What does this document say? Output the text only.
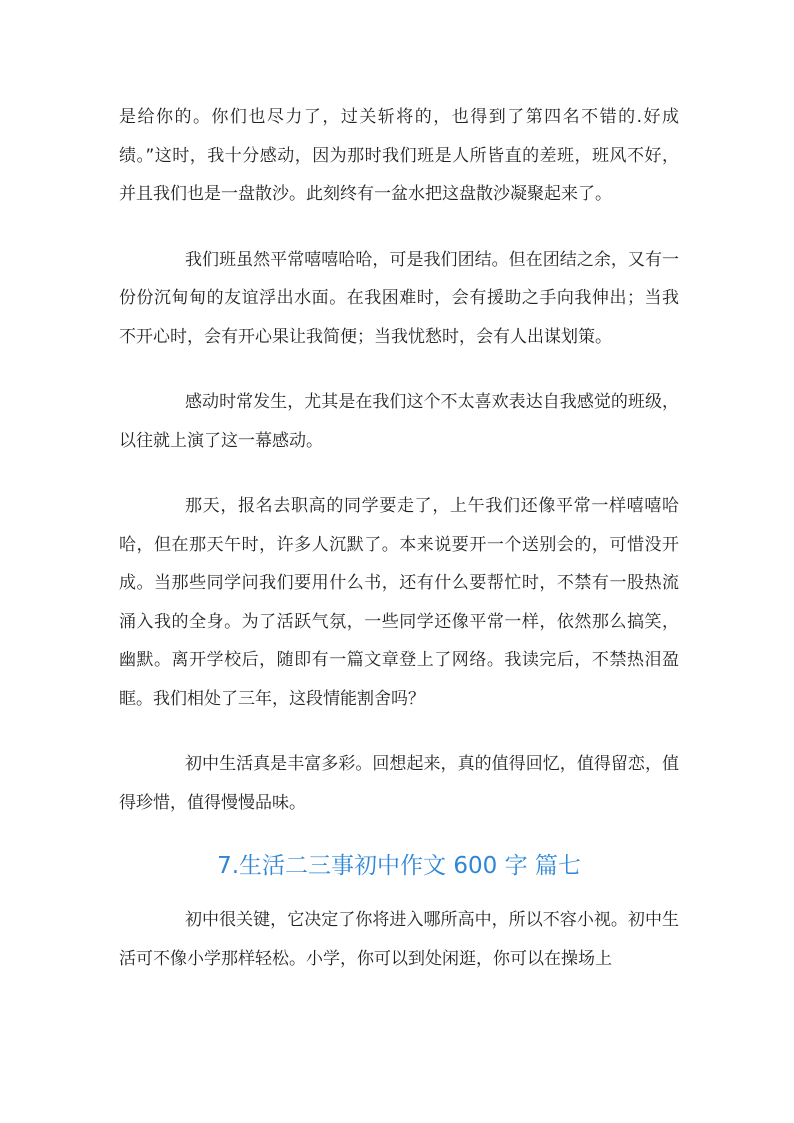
是给你的。你们也尽力了，过关斩将的，也得到了第四名不错的.好成绩。”这时，我十分感动，因为那时我们班是人所皆直的差班，班风不好，并且我们也是一盘散沙。此刻终有一盆水把这盘散沙凝聚起来了。

我们班虽然平常嘻嘻哈哈，可是我们团结。但在团结之余，又有一份份沉甸甸的友谊浮出水面。在我困难时，会有援助之手向我伸出；当我不开心时，会有开心果让我简便；当我忧愁时，会有人出谋划策。

感动时常发生，尤其是在我们这个不太喜欢表达自我感觉的班级，以往就上演了这一幕感动。

那天，报名去职高的同学要走了，上午我们还像平常一样嘻嘻哈哈，但在那天午时，许多人沉默了。本来说要开一个送别会的，可惜没开成。当那些同学问我们要用什么书，还有什么要帮忙时，不禁有一股热流涌入我的全身。为了活跃气氛，一些同学还像平常一样，依然那么搞笑，幽默。离开学校后，随即有一篇文章登上了网络。我读完后，不禁热泪盈眶。我们相处了三年，这段情能割舍吗？

初中生活真是丰富多彩。回想起来，真的值得回忆，值得留恋，值得珍惜，值得慢慢品味。

7.生活二三事初中作文 600 字 篇七

初中很关键，它决定了你将进入哪所高中，所以不容小视。初中生活可不像小学那样轻松。小学，你可以到处闲逛，你可以在操场上
